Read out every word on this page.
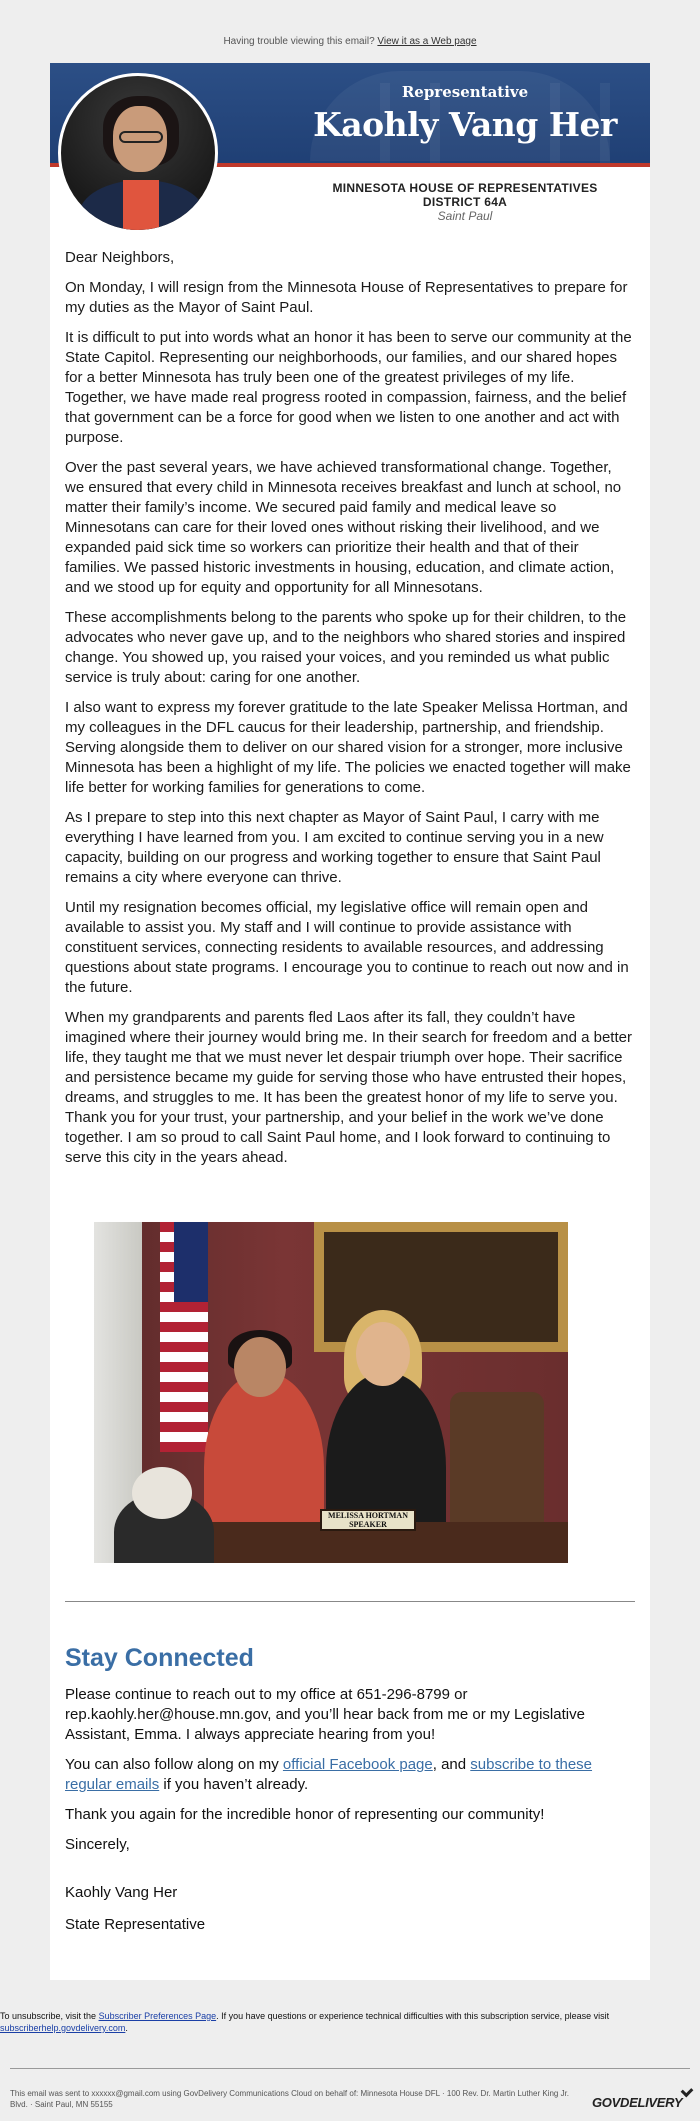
Having trouble viewing this email? View it as a Web page
Representative
Kaohly Vang Her
MINNESOTA HOUSE OF REPRESENTATIVES
DISTRICT 64A
Saint Paul

Dear Neighbors,

On Monday, I will resign from the Minnesota House of Representatives to prepare for my duties as the Mayor of Saint Paul.

It is difficult to put into words what an honor it has been to serve our community at the State Capitol. Representing our neighborhoods, our families, and our shared hopes for a better Minnesota has truly been one of the greatest privileges of my life. Together, we have made real progress rooted in compassion, fairness, and the belief that government can be a force for good when we listen to one another and act with purpose.

Over the past several years, we have achieved transformational change. Together, we ensured that every child in Minnesota receives breakfast and lunch at school, no matter their family’s income. We secured paid family and medical leave so Minnesotans can care for their loved ones without risking their livelihood, and we expanded paid sick time so workers can prioritize their health and that of their families. We passed historic investments in housing, education, and climate action, and we stood up for equity and opportunity for all Minnesotans.

These accomplishments belong to the parents who spoke up for their children, to the advocates who never gave up, and to the neighbors who shared stories and inspired change. You showed up, you raised your voices, and you reminded us what public service is truly about: caring for one another.

I also want to express my forever gratitude to the late Speaker Melissa Hortman, and my colleagues in the DFL caucus for their leadership, partnership, and friendship. Serving alongside them to deliver on our shared vision for a stronger, more inclusive Minnesota has been a highlight of my life. The policies we enacted together will make life better for working families for generations to come.

As I prepare to step into this next chapter as Mayor of Saint Paul, I carry with me everything I have learned from you. I am excited to continue serving you in a new capacity, building on our progress and working together to ensure that Saint Paul remains a city where everyone can thrive.

Until my resignation becomes official, my legislative office will remain open and available to assist you. My staff and I will continue to provide assistance with constituent services, connecting residents to available resources, and addressing questions about state programs. I encourage you to continue to reach out now and in the future.

When my grandparents and parents fled Laos after its fall, they couldn’t have imagined where their journey would bring me. In their search for freedom and a better life, they taught me that we must never let despair triumph over hope. Their sacrifice and persistence became my guide for serving those who have entrusted their hopes, dreams, and struggles to me. It has been the greatest honor of my life to serve you. Thank you for your trust, your partnership, and your belief in the work we’ve done together. I am so proud to call Saint Paul home, and I look forward to continuing to serve this city in the years ahead.

MELISSA HORTMAN
SPEAKER
Stay Connected

Please continue to reach out to my office at 651-296-8799 or rep.kaohly.her@house.mn.gov, and you’ll hear back from me or my Legislative Assistant, Emma. I always appreciate hearing from you!

You can also follow along on my official Facebook page, and subscribe to these regular emails if you haven’t already.

Thank you again for the incredible honor of representing our community!

Sincerely,

Kaohly Vang Her

State Representative

To unsubscribe, visit the Subscriber Preferences Page. If you have questions or experience technical difficulties with this subscription service, please visit subscriberhelp.govdelivery.com.
This email was sent to xxxxxx@gmail.com using GovDelivery Communications Cloud on behalf of: Minnesota House DFL · 100 Rev. Dr. Martin Luther King Jr. Blvd. · Saint Paul, MN 55155	GOVDELIVERY
